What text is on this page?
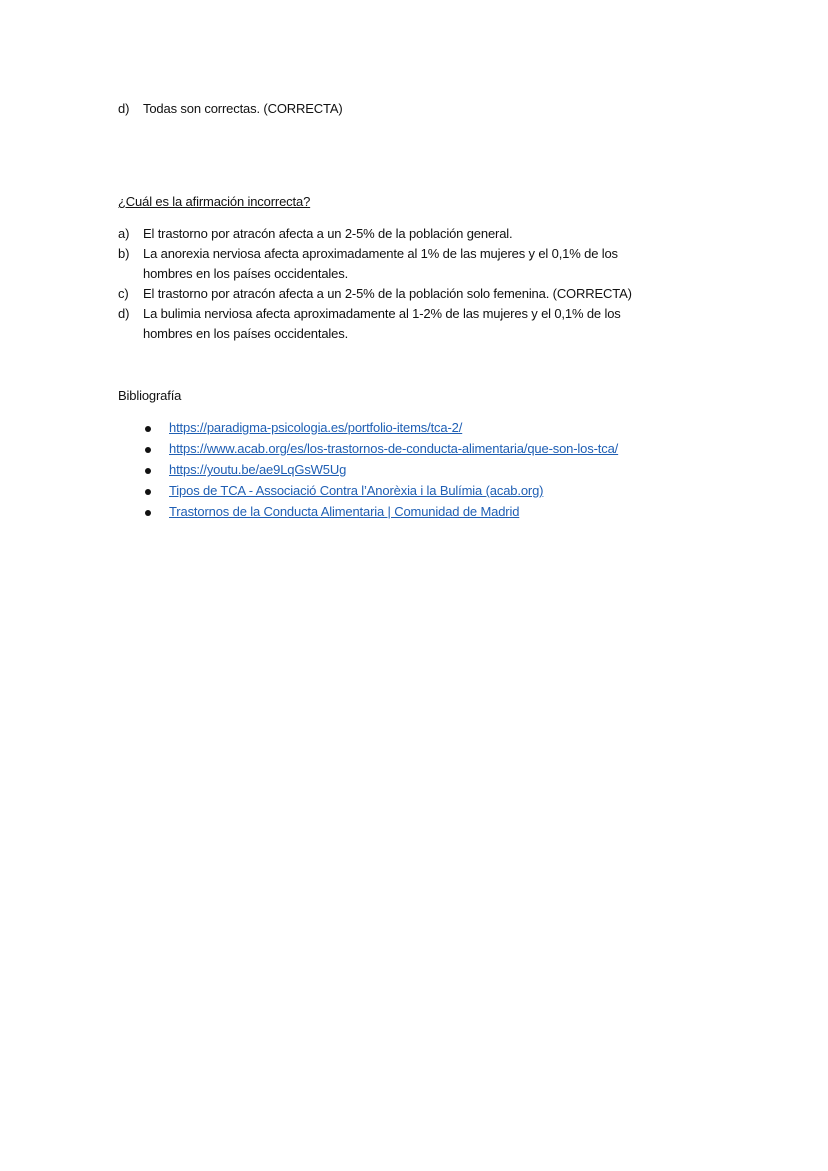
d) Todas son correctas. (CORRECTA)
¿Cuál es la afirmación incorrecta?
a) El trastorno por atracón afecta a un 2-5% de la población general.
b) La anorexia nerviosa afecta aproximadamente al 1% de las mujeres y el 0,1% de los
hombres en los países occidentales.
c) El trastorno por atracón afecta a un 2-5% de la población solo femenina. (CORRECTA)
d) La bulimia nerviosa afecta aproximadamente al 1-2% de las mujeres y el 0,1% de los
hombres en los países occidentales.
Bibliografía
https://paradigma-psicologia.es/portfolio-items/tca-2/
https://www.acab.org/es/los-trastornos-de-conducta-alimentaria/que-son-los-tca/
https://youtu.be/ae9LqGsW5Ug
Tipos de TCA - Associació Contra l’Anorèxia i la Bulímia (acab.org)
Trastornos de la Conducta Alimentaria | Comunidad de Madrid
